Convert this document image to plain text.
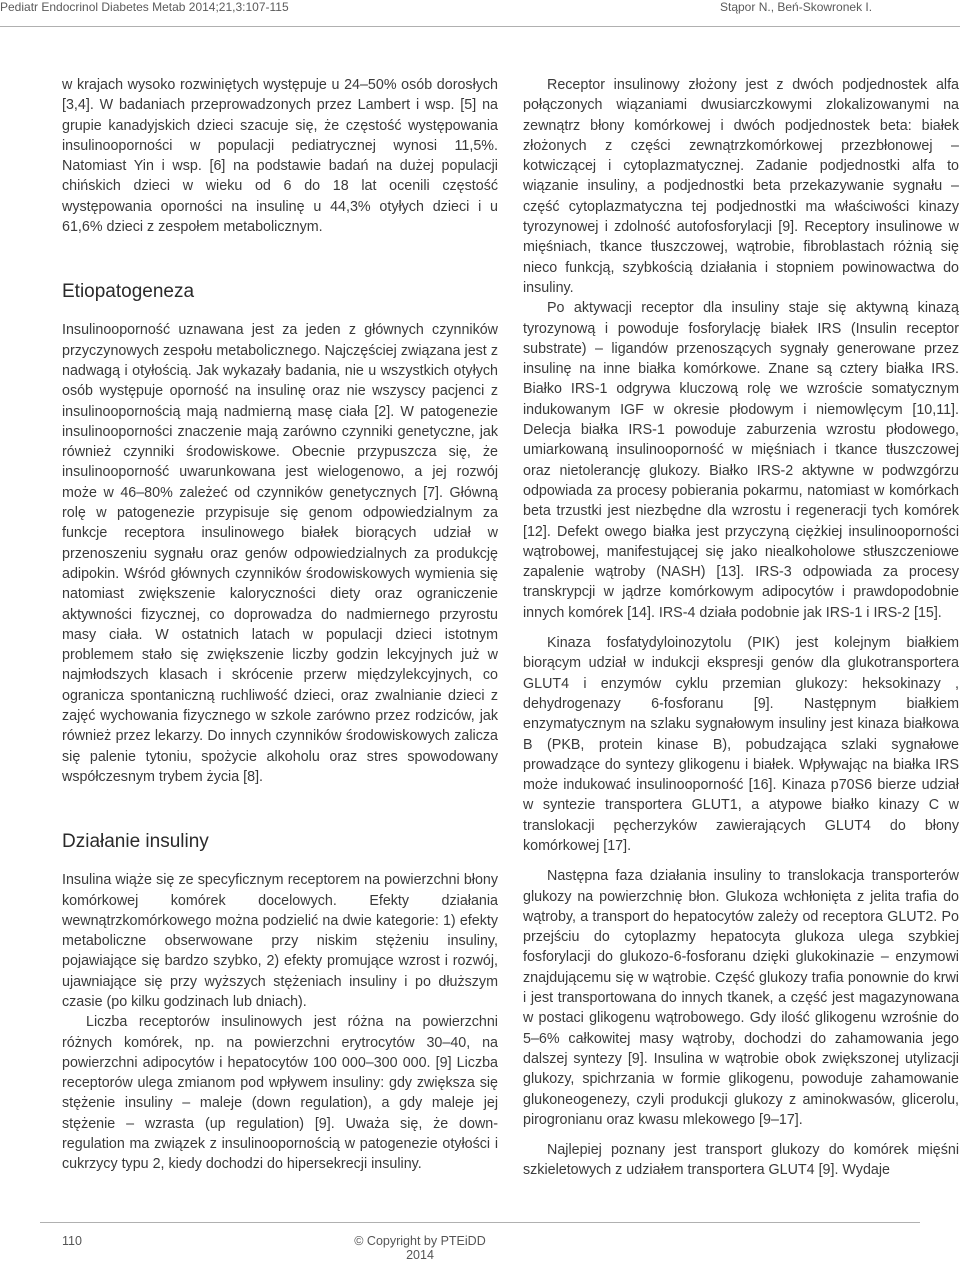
Pediatr Endocrinol Diabetes Metab 2014;21,3:107-115	Stąpor N., Beń-Skowronek I.

w krajach wysoko rozwiniętych występuje u 24–50% osób dorosłych [3,4]. W badaniach przeprowadzonych przez Lambert i wsp. [5] na grupie kanadyjskich dzieci szacuje się, że częstość występowania insulinooporności w populacji pediatrycznej wynosi 11,5%. Natomiast Yin i wsp. [6] na podstawie badań na dużej populacji chińskich dzieci w wieku od 6 do 18 lat ocenili częstość występowania oporności na insulinę u 44,3% otyłych dzieci i u 61,6% dzieci z zespołem metabolicznym.

Etiopatogeneza

Insulinooporność uznawana jest za jeden z głównych czynników przyczynowych zespołu metabolicznego. Najczęściej związana jest z nadwagą i otyłością. Jak wykazały badania, nie u wszystkich otyłych osób występuje oporność na insulinę oraz nie wszyscy pacjenci z insulinoopornością mają nadmierną masę ciała [2]. W patogenezie insulinooporności znaczenie mają zarówno czynniki genetyczne, jak również czynniki środowiskowe. Obecnie przypuszcza się, że insulinooporność uwarunkowana jest wielogenowo, a jej rozwój może w 46–80% zależeć od czynników genetycznych [7]. Główną rolę w patogenezie przypisuje się genom odpowiedzialnym za funkcje receptora insulinowego białek biorących udział w przenoszeniu sygnału oraz genów odpowiedzialnych za produkcję adipokin. Wśród głównych czynników środowiskowych wymienia się natomiast zwiększenie kaloryczności diety oraz ograniczenie aktywności fizycznej, co doprowadza do nadmiernego przyrostu masy ciała. W ostatnich latach w populacji dzieci istotnym problemem stało się zwiększenie liczby godzin lekcyjnych już w najmłodszych klasach i skrócenie przerw międzylekcyjnych, co ogranicza spontaniczną ruchliwość dzieci, oraz zwalnianie dzieci z zajęć wychowania fizycznego w szkole zarówno przez rodziców, jak również przez lekarzy. Do innych czynników środowiskowych zalicza się palenie tytoniu, spożycie alkoholu oraz stres spowodowany współczesnym trybem życia [8].

Działanie insuliny

Insulina wiąże się ze specyficznym receptorem na powierzchni błony komórkowej komórek docelowych. Efekty działania wewnątrzkomórkowego można podzielić na dwie kategorie: 1) efekty metaboliczne obserwowane przy niskim stężeniu insuliny, pojawiające się bardzo szybko, 2) efekty promujące wzrost i rozwój, ujawniające się przy wyższych stężeniach insuliny i po dłuższym czasie (po kilku godzinach lub dniach).

Liczba receptorów insulinowych jest różna na powierzchni różnych komórek, np. na powierzchni erytrocytów 30–40, na powierzchni adipocytów i hepatocytów 100 000–300 000. [9] Liczba receptorów ulega zmianom pod wpływem insuliny: gdy zwiększa się stężenie insuliny – maleje (down regulation), a gdy maleje jej stężenie – wzrasta (up regulation) [9]. Uważa się, że down-regulation ma związek z insulinoopornością w patogenezie otyłości i cukrzycy typu 2, kiedy dochodzi do hipersekrecji insuliny.

Receptor insulinowy złożony jest z dwóch podjednostek alfa połączonych wiązaniami dwusiarczkowymi zlokalizowanymi na zewnątrz błony komórkowej i dwóch podjednostek beta: białek złożonych z części zewnątrzkomórkowej przezbłonowej – kotwiczącej i cytoplazmatycznej. Zadanie podjednostki alfa to wiązanie insuliny, a podjednostki beta przekazywanie sygnału – część cytoplazmatyczna tej podjednostki ma właściwości kinazy tyrozynowej i zdolność autofosforylacji [9]. Receptory insulinowe w mięśniach, tkance tłuszczowej, wątrobie, fibroblastach różnią się nieco funkcją, szybkością działania i stopniem powinowactwa do insuliny.

Po aktywacji receptor dla insuliny staje się aktywną kinazą tyrozynową i powoduje fosforylację białek IRS (Insulin receptor substrate) – ligandów przenoszących sygnały generowane przez insulinę na inne białka komórkowe. Znane są cztery białka IRS. Białko IRS-1 odgrywa kluczową rolę we wzroście somatycznym indukowanym IGF w okresie płodowym i niemowlęcym [10,11]. Delecja białka IRS-1 powoduje zaburzenia wzrostu płodowego, umiarkowaną insulinooporność w mięśniach i tkance tłuszczowej oraz nietolerancję glukozy. Białko IRS-2 aktywne w podwzgórzu odpowiada za procesy pobierania pokarmu, natomiast w komórkach beta trzustki jest niezbędne dla wzrostu i regeneracji tych komórek [12]. Defekt owego białka jest przyczyną ciężkiej insulinooporności wątrobowej, manifestującej się jako niealkoholowe stłuszczeniowe zapalenie wątroby (NASH) [13]. IRS-3 odpowiada za procesy transkrypcji w jądrze komórkowym adipocytów i prawdopodobnie innych komórek [14]. IRS-4 działa podobnie jak IRS-1 i IRS-2 [15].

Kinaza fosfatydyloinozytolu (PIK) jest kolejnym białkiem biorącym udział w indukcji ekspresji genów dla glukotransportera GLUT4 i enzymów cyklu przemian glukozy: heksokinazy , dehydrogenazy 6-fosforanu [9]. Następnym białkiem enzymatycznym na szlaku sygnałowym insuliny jest kinaza białkowa B (PKB, protein kinase B), pobudzająca szlaki sygnałowe prowadzące do syntezy glikogenu i białek. Wpływając na białka IRS może indukować insulinooporność [16]. Kinaza p70S6 bierze udział w syntezie transportera GLUT1, a atypowe białko kinazy C w translokacji pęcherzyków zawierających GLUT4 do błony komórkowej [17].

Następna faza działania insuliny to translokacja transporterów glukozy na powierzchnię błon. Glukoza wchłonięta z jelita trafia do wątroby, a transport do hepatocytów zależy od receptora GLUT2. Po przejściu do cytoplazmy hepatocyta glukoza ulega szybkiej fosforylacji do glukozo-6-fosforanu dzięki glukokinazie – enzymowi znajdującemu się w wątrobie. Część glukozy trafia ponownie do krwi i jest transportowana do innych tkanek, a część jest magazynowana w postaci glikogenu wątrobowego. Gdy ilość glikogenu wzrośnie do 5–6% całkowitej masy wątroby, dochodzi do zahamowania jego dalszej syntezy [9]. Insulina w wątrobie obok zwiększonej utylizacji glukozy, spichrzania w formie glikogenu, powoduje zahamowanie glukoneogenezy, czyli produkcji glukozy z aminokwasów, glicerolu, pirogronianu oraz kwasu mlekowego [9–17].

Najlepiej poznany jest transport glukozy do komórek mięśni szkieletowych z udziałem transportera GLUT4 [9]. Wydaje

110	© Copyright by PTEiDD 2014
